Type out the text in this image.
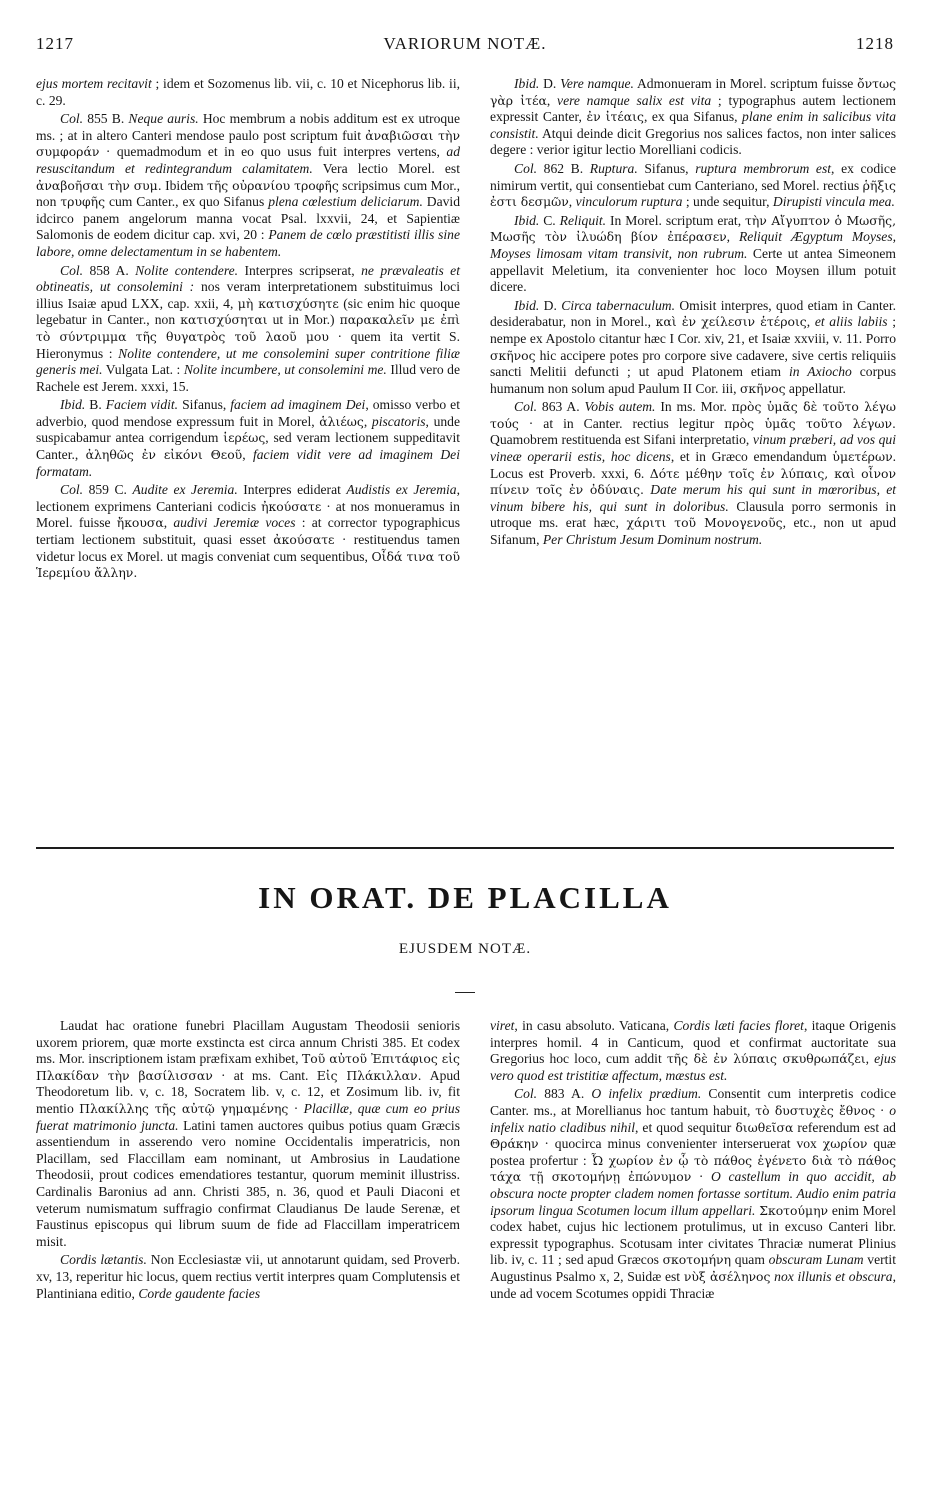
1217	VARIORUM NOTÆ.	1218

ejus mortem recitavit ; idem et Sozomenus lib. vii, c. 10 et Nicephorus lib. ii, c. 29.

Col. 855 B. Neque auris. Hoc membrum a nobis additum est ex utroque ms. ; at in altero Canteri mendose paulo post scriptum fuit ἀναβιῶσαι τὴν συμφοράν · quemadmodum et in eo quo usus fuit interpres vertens, ad resuscitandum et redintegrandum calamitatem. Vera lectio Morel. est ἀναβοῆσαι τὴν συμ. Ibidem τῆς οὐρανίου τροφῆς scripsimus cum Mor., non τρυφῆς cum Canter., ex quo Sifanus plena cœlestium deliciarum. David idcirco panem angelorum manna vocat Psal. lxxvii, 24, et Sapientiæ Salomonis de eodem dicitur cap. xvi, 20 : Panem de cœlo præstitisti illis sine labore, omne delectamentum in se habentem.

Col. 858 A. Nolite contendere. Interpres scripserat, ne prævaleatis et obtineatis, ut consolemini : nos veram interpretationem substituimus loci illius Isaiæ apud LXX, cap. xxii, 4, μὴ κατισχύσητε (sic enim hic quoque legebatur in Canter., non κατισχύσηται ut in Mor.) παρακαλεῖν με ἐπὶ τὸ σύντριμμα τῆς θυγατρὸς τοῦ λαοῦ μου · quem ita vertit S. Hieronymus : Nolite contendere, ut me consolemini super contritione filiæ generis mei. Vulgata Lat. : Nolite incumbere, ut consolemini me. Illud vero de Rachele est Jerem. xxxi, 15.

Ibid. B. Faciem vidit. Sifanus, faciem ad imaginem Dei, omisso verbo et adverbio, quod mendose expressum fuit in Morel, ἁλιέως, piscatoris, unde suspicabamur antea corrigendum ἱερέως, sed veram lectionem suppeditavit Canter., ἀληθῶς ἐν εἰκόνι Θεοῦ, faciem vidit vere ad imaginem Dei formatam.

Col. 859 C. Audite ex Jeremia. Interpres ediderat Audistis ex Jeremia, lectionem exprimens Canteriani codicis ἠκούσατε · at nos monueramus in Morel. fuisse ἤκουσα, audivi Jeremiæ voces : at corrector typographicus tertiam lectionem substituit, quasi esset ἀκούσατε · restituendus tamen videtur locus ex Morel. ut magis conveniat cum sequentibus, Οἶδά τινα τοῦ Ἱερεμίου ἄλλην.

Ibid. D. Vere namque. Admonueram in Morel. scriptum fuisse ὄντως γὰρ ἰτέα, vere namque salix est vita ; typographus autem lectionem expressit Canter, ἐν ἰτέαις, ex qua Sifanus, plane enim in salicibus vita consistit. Atqui deinde dicit Gregorius nos salices factos, non inter salices degere : verior igitur lectio Morelliani codicis.

Col. 862 B. Ruptura. Sifanus, ruptura membrorum est, ex codice nimirum vertit, qui consentiebat cum Canteriano, sed Morel. rectius ῥῆξις ἐστι δεσμῶν, vinculorum ruptura ; unde sequitur, Dirupisti vincula mea.

Ibid. C. Reliquit. In Morel. scriptum erat, τὴν Αἴγυπτον ὁ Μωσῆς, Μωσῆς τὸν ἰλυώδη βίον ἐπέρασεν, Reliquit Ægyptum Moyses, Moyses limosam vitam transivit, non rubrum. Certe ut antea Simeonem appellavit Meletium, ita convenienter hoc loco Moysen illum potuit dicere.

Ibid. D. Circa tabernaculum. Omisit interpres, quod etiam in Canter. desiderabatur, non in Morel., καὶ ἐν χείλεσιν ἑτέροις, et aliis labiis ; nempe ex Apostolo citantur hæc I Cor. xiv, 21, et Isaiæ xxviii, v. 11. Porro σκῆνος hic accipere potes pro corpore sive cadavere, sive certis reliquiis sancti Melitii defuncti ; ut apud Platonem etiam in Axiocho corpus humanum non solum apud Paulum II Cor. iii, σκῆνος appellatur.

Col. 863 A. Vobis autem. In ms. Mor. πρὸς ὑμᾶς δὲ τοῦτο λέγω τούς · at in Canter. rectius legitur πρὸς ὑμᾶς τοῦτο λέγων. Quamobrem restituenda est Sifani interpretatio, vinum præberi, ad vos qui vineæ operarii estis, hoc dicens, et in Græco emendandum ὑμετέρων. Locus est Proverb. xxxi, 6. Δότε μέθην τοῖς ἐν λύπαις, καὶ οἶνον πίνειν τοῖς ἐν ὀδύναις. Date merum his qui sunt in mœroribus, et vinum bibere his, qui sunt in doloribus. Clausula porro sermonis in utroque ms. erat hæc, χάριτι τοῦ Μονογενοῦς, etc., non ut apud Sifanum, Per Christum Jesum Dominum nostrum.

IN ORAT. DE PLACILLA
EJUSDEM NOTÆ.

Laudat hac oratione funebri Placillam Augustam Theodosii senioris uxorem priorem, quæ morte exstincta est circa annum Christi 385. Et codex ms. Mor. inscriptionem istam præfixam exhibet, Τοῦ αὐτοῦ Ἐπιτάφιος εἰς Πλακίδαν τὴν βασίλισσαν · at ms. Cant. Εἰς Πλάκιλλαν. Apud Theodoretum lib. v, c. 18, Socratem lib. v, c. 12, et Zosimum lib. iv, fit mentio Πλακίλλης τῆς αὐτῷ γημαμένης · Placillæ, quæ cum eo prius fuerat matrimonio juncta. Latini tamen auctores quibus potius quam Græcis assentiendum in asserendo vero nomine Occidentalis imperatricis, non Placillam, sed Flaccillam eam nominant, ut Ambrosius in Laudatione Theodosii, prout codices emendatiores testantur, quorum meminit illustriss. Cardinalis Baronius ad ann. Christi 385, n. 36, quod et Pauli Diaconi et veterum numismatum suffragio confirmat Claudianus De laude Serenæ, et Faustinus episcopus qui librum suum de fide ad Flaccillam imperatricem misit.

Cordis lætantis. Non Ecclesiastæ vii, ut annotarunt quidam, sed Proverb. xv, 13, reperitur hic locus, quem rectius vertit interpres quam Complutensis et Plantiniana editio, Corde gaudente facies

viret, in casu absoluto. Vaticana, Cordis læti facies floret, itaque Origenis interpres homil. 4 in Canticum, quod et confirmat auctoritate sua Gregorius hoc loco, cum addit τῆς δὲ ἐν λύπαις σκυθρωπάζει, ejus vero quod est tristitiæ affectum, mæstus est.

Col. 883 A. O infelix prædium. Consentit cum interpretis codice Canter. ms., at Morellianus hoc tantum habuit, τὸ δυστυχὲς ἔθνος · o infelix natio cladibus nihil, et quod sequitur διωθεῖσα referendum est ad Θράκην · quocirca minus convenienter interseruerat vox χωρίον quæ postea profertur : Ὦ χωρίον ἐν ᾧ τὸ πάθος ἐγένετο διὰ τὸ πάθος τάχα τῇ σκοτομήνῃ ἐπώνυμον · O castellum in quo accidit, ab obscura nocte propter cladem nomen fortasse sortitum. Audio enim patria ipsorum lingua Scotumen locum illum appellari. Σκοτούμην enim Morel codex habet, cujus hic lectionem protulimus, ut in excuso Canteri libr. expressit typographus. Scotusam inter civitates Thraciæ numerat Plinius lib. iv, c. 11 ; sed apud Græcos σκοτομήνη quam obscuram Lunam vertit Augustinus Psalmo x, 2, Suidæ est νὺξ ἀσέληνος nox illunis et obscura, unde ad vocem Scotumes oppidi Thraciæ
